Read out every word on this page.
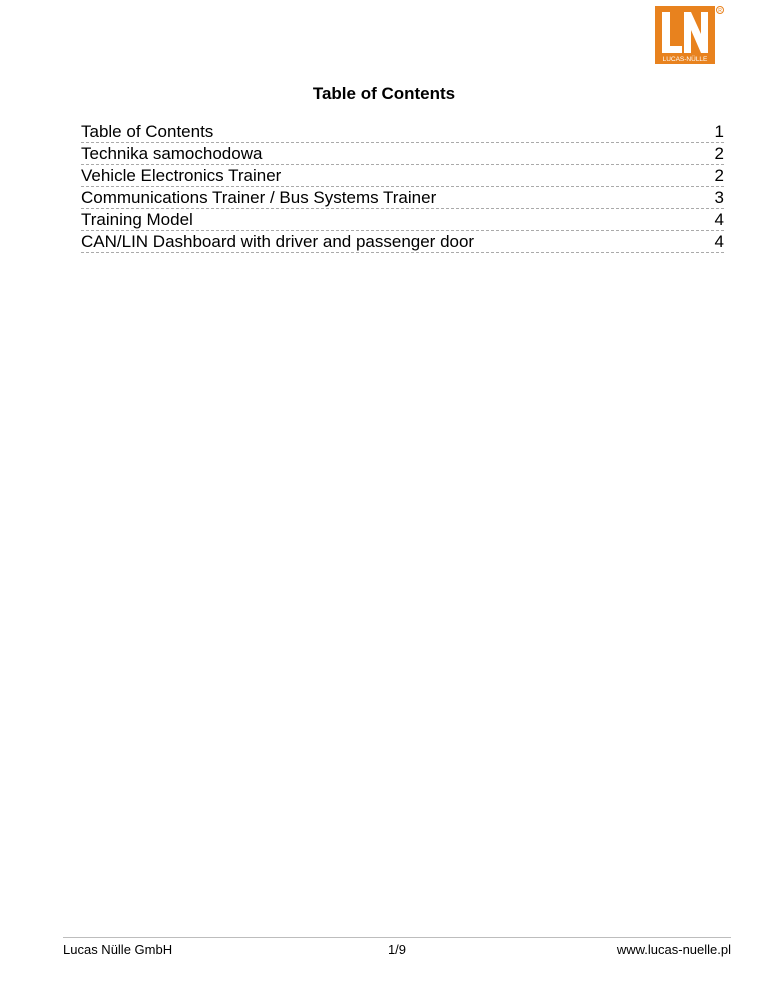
LUCAS-NÜLLE
R
Table of Contents
Table of Contents	1
Technika samochodowa	2
Vehicle Electronics Trainer	2
Communications Trainer / Bus Systems Trainer	3
Training Model	4
CAN/LIN Dashboard with driver and passenger door	4
Lucas Nülle GmbH	1/9	www.lucas-nuelle.pl
